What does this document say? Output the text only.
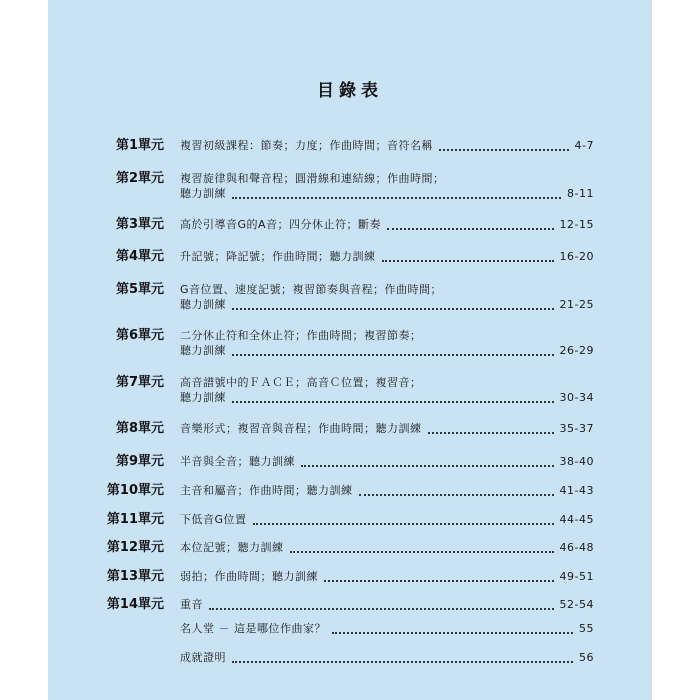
目錄表
第1單元 複習初級課程：節奏；力度；作曲時間；音符名稱	4-7
第2單元 複習旋律與和聲音程；圓滑線和連結線；作曲時間；
聽力訓練	8-11
第3單元 高於引導音G的A音；四分休止符；斷奏	12-15
第4單元 升記號；降記號；作曲時間；聽力訓練	16-20
第5單元 G音位置、速度記號；複習節奏與音程；作曲時間；
聽力訓練	21-25
第6單元 二分休止符和全休止符；作曲時間；複習節奏；
聽力訓練	26-29
第7單元 高音譜號中的ＦＡＣＥ；高音Ｃ位置；複習音；
聽力訓練	30-34
第8單元 音樂形式；複習音與音程；作曲時間；聽力訓練	35-37
第9單元 半音與全音；聽力訓練	38-40
第10單元 主音和屬音；作曲時間；聽力訓練	41-43
第11單元 下低音G位置	44-45
第12單元 本位記號；聽力訓練	46-48
第13單元 弱拍；作曲時間；聽力訓練	49-51
第14單元 重音	52-54
名人堂 － 這是哪位作曲家？	55
成就證明	56
